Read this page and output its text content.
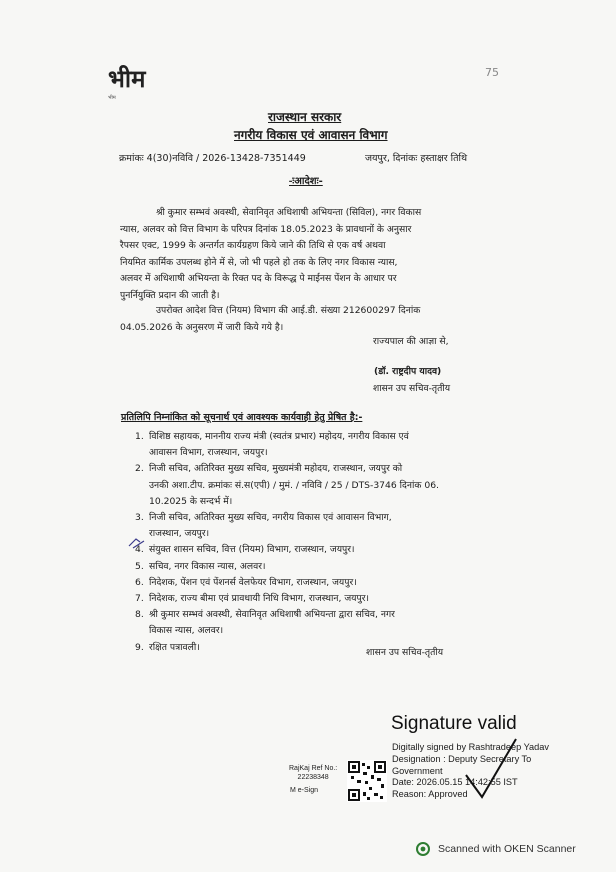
भीम
भीम
75
राजस्थान सरकार
नगरीय विकास एवं आवासन विभाग
क्रमांकः 4(30)नविवि / 2026-13428-7351449	जयपुर, दिनांकः हस्ताक्षर तिथि
-ःआदेशः-
श्री कुमार सम्भवं अवस्थी, सेवानिवृत अधिशाषी अभियन्ता (सिविल), नगर विकास
न्यास, अलवर को वित्त विभाग के परिपत्र दिनांक 18.05.2023 के प्रावधानों के अनुसार
रैपसर एक्ट, 1999 के अन्तर्गत कार्यग्रहण किये जाने की तिथि से एक वर्ष अथवा
नियमित कार्मिक उपलब्ध होने में से, जो भी पहले हो तक के लिए नगर विकास न्यास,
अलवर में अधिशाषी अभियन्ता के रिक्त पद के विरूद्ध पे माईनस पेंशन के आधार पर
पुनर्नियुक्ति प्रदान की जाती है।
उपरोक्त आदेश वित्त (नियम) विभाग की आई.डी. संख्या 212600297 दिनांक
04.05.2026 के अनुसरण में जारी किये गये है।
राज्यपाल की आज्ञा से,
(डॉ. राष्ट्रदीप यादव)
शासन उप सचिव-तृतीय
प्रतिलिपि निम्नांकित को सूचनार्थ एवं आवश्यक कार्यवाही हेतु प्रेषित है:-
1. विशिष्ठ सहायक, माननीय राज्य मंत्री (स्वतंत्र प्रभार) महोदय, नगरीय विकास एवं
आवासन विभाग, राजस्थान, जयपुर।
2. निजी सचिव, अतिरिक्त मुख्य सचिव, मुख्यमंत्री महोदय, राजस्थान, जयपुर को
उनकी अशा.टीप. क्रमांकः सं.स(एपी) / मुमं. / नविवि / 25 / DTS-3746 दिनांक 06.
10.2025 के सन्दर्भ में।
3. निजी सचिव, अतिरिक्त मुख्य सचिव, नगरीय विकास एवं आवासन विभाग,
राजस्थान, जयपुर।
4. संयुक्त शासन सचिव, वित्त (नियम) विभाग, राजस्थान, जयपुर।
5. सचिव, नगर विकास न्यास, अलवर।
6. निदेशक, पेंशन एवं पेंशनर्स वेलफेयर विभाग, राजस्थान, जयपुर।
7. निदेशक, राज्य बीमा एवं प्रावधायी निधि विभाग, राजस्थान, जयपुर।
8. श्री कुमार सम्भवं अवस्थी, सेवानिवृत अधिशाषी अभियन्ता द्वारा सचिव, नगर
विकास न्यास, अलवर।
9. रक्षित पत्रावली।	शासन उप सचिव-तृतीय
Signature valid
Digitally signed by Rashtradeep Yadav
Designation : Deputy Secretary To
Government
Date: 2026.05.15 14:42:55 IST
Reason: Approved
RajKaj Ref No.:
22238348
M e-Sign
Scanned with OKEN Scanner
